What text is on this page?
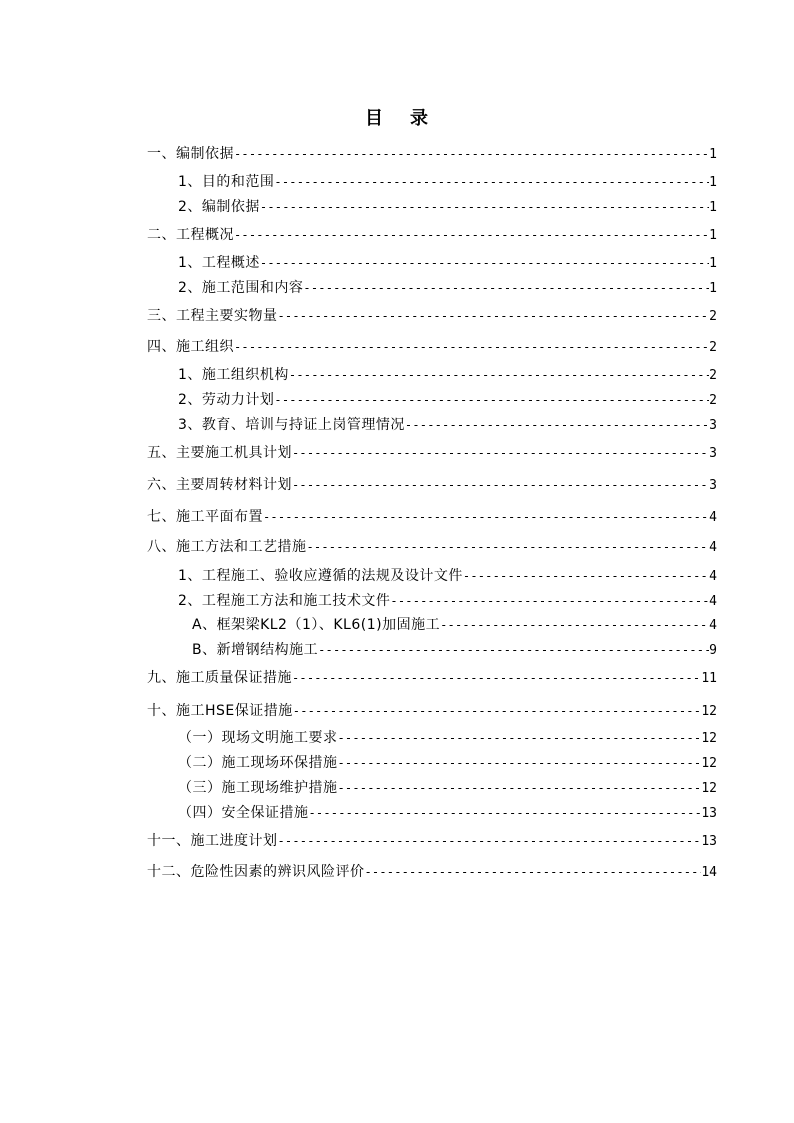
目 录
一、编制依据 -----	1
1、目的和范围 -----	1
2、编制依据 -----	1
二、工程概况 -----	1
1、工程概述 -----	1
2、施工范围和内容 -----	1
三、工程主要实物量 -----	2
四、施工组织 -----	2
1、施工组织机构 -----	2
2、劳动力计划 -----	2
3、教育、培训与持证上岗管理情况 -----	3
五、主要施工机具计划 -----	3
六、主要周转材料计划 -----	3
七、施工平面布置 -----	4
八、施工方法和工艺措施 -----	4
1、工程施工、验收应遵循的法规及设计文件 -----	4
2、工程施工方法和施工技术文件 -----	4
A、框架梁KL2（1）、KL6(1)加固施工 -----	4
B、新增钢结构施工 -----	9
九、施工质量保证措施 -----	11
十、施工HSE保证措施 -----	12
（一）现场文明施工要求 -----	12
（二）施工现场环保措施 -----	12
（三）施工现场维护措施 -----	12
（四）安全保证措施 -----	13
十一、施工进度计划 -----	13
十二、危险性因素的辨识风险评价 -----	14
